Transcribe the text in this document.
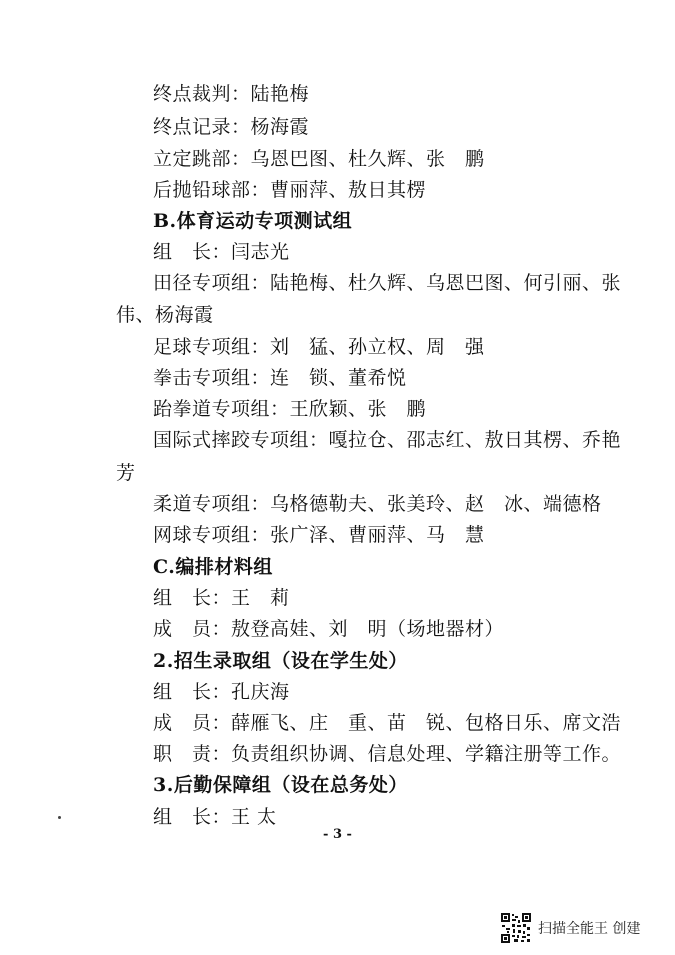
终点裁判：陆艳梅
终点记录：杨海霞
立定跳部：乌恩巴图、杜久辉、张　鹏
后抛铅球部：曹丽萍、敖日其楞
B.体育运动专项测试组
组　长：闫志光
田径专项组：陆艳梅、杜久辉、乌恩巴图、何引丽、张
伟、杨海霞
足球专项组：刘　猛、孙立权、周　强
拳击专项组：连　锁、董希悦
跆拳道专项组：王欣颖、张　鹏
国际式摔跤专项组：嘎拉仓、邵志红、敖日其楞、乔艳
芳
柔道专项组：乌格德勒夫、张美玲、赵　冰、端德格
网球专项组：张广泽、曹丽萍、马　慧
C.编排材料组
组　长：王　莉
成　员：敖登高娃、刘　明（场地器材）
2.招生录取组（设在学生处）
组　长：孔庆海
成　员：薛雁飞、庄　重、苗　锐、包格日乐、席文浩
职　责：负责组织协调、信息处理、学籍注册等工作。
3.后勤保障组（设在总务处）
组　长：王 太
- 3 -
扫描全能王 创建
